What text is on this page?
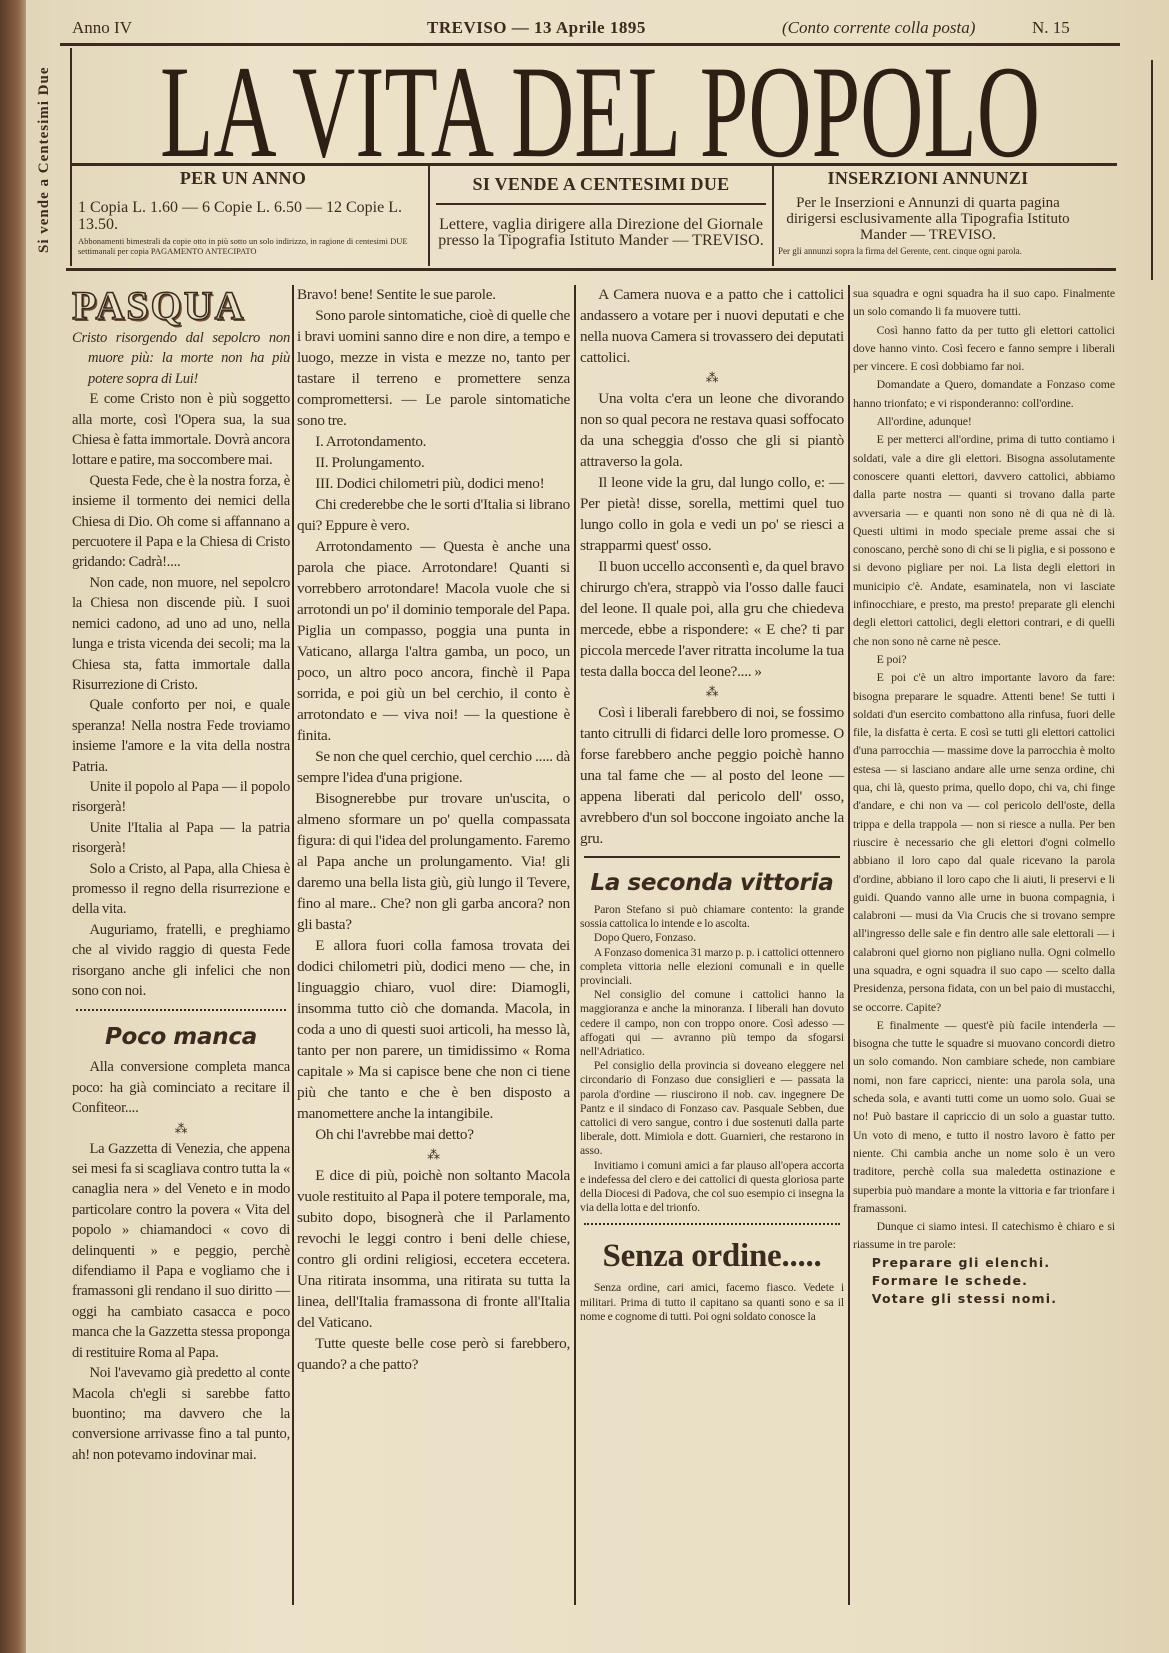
Anno IV	TREVISO — 13 Aprile 1895	(Conto corrente colla posta)	N. 15
Si vende a Centesimi Due LA VITA DEL POPOLO
PER UN ANNO

1 Copia L. 1.60 — 6 Copie L. 6.50 — 12 Copie L. 13.50.

Abbonamenti bimestrali da copie otto in più sotto un solo indirizzo, in ragione di centesimi DUE settimanali per copia PAGAMENTO ANTECIPATO

SI VENDE A CENTESIMI DUE

Lettere, vaglia dirigere alla Direzione del Giornale presso la Tipografia Istituto Mander — TREVISO.

INSERZIONI ANNUNZI

Per le Inserzioni e Annunzi di quarta pagina dirigersi esclusivamente alla Tipografia Istituto Mander — TREVISO.

Per gli annunzi sopra la firma del Gerente, cent. cinque ogni parola.

PASQUA

Cristo risorgendo dal sepolcro non muore più: la morte non ha più potere sopra di Lui!

E come Cristo non è più soggetto alla morte, così l'Opera sua, la sua Chiesa è fatta immortale. Dovrà ancora lottare e patire, ma soccombere mai.

Questa Fede, che è la nostra forza, è insieme il tormento dei nemici della Chiesa di Dio. Oh come si affannano a percuotere il Papa e la Chiesa di Cristo gridando: Cadrà!....

Non cade, non muore, nel sepolcro la Chiesa non discende più. I suoi nemici cadono, ad uno ad uno, nella lunga e trista vicenda dei secoli; ma la Chiesa sta, fatta immortale dalla Risurrezione di Cristo.

Quale conforto per noi, e quale speranza! Nella nostra Fede troviamo insieme l'amore e la vita della nostra Patria.

Unite il popolo al Papa — il popolo risorgerà!

Unite l'Italia al Papa — la patria risorgerà!

Solo a Cristo, al Papa, alla Chiesa è promesso il regno della risurrezione e della vita.

Auguriamo, fratelli, e preghiamo che al vivido raggio di questa Fede risorgano anche gli infelici che non sono con noi.

Poco manca

Alla conversione completa manca poco: ha già cominciato a recitare il Confiteor....

⁂

La Gazzetta di Venezia, che appena sei mesi fa si scagliava contro tutta la « canaglia nera » del Veneto e in modo particolare contro la povera « Vita del popolo » chiamandoci « covo di delinquenti » e peggio, perchè difendiamo il Papa e vogliamo che i framassoni gli rendano il suo diritto — oggi ha cambiato casacca e poco manca che la Gazzetta stessa proponga di restituire Roma al Papa.

Noi l'avevamo già predetto al conte Macola ch'egli si sarebbe fatto buontino; ma davvero che la conversione arrivasse fino a tal punto, ah! non potevamo indovinar mai.

Bravo! bene! Sentite le sue parole.

Sono parole sintomatiche, cioè di quelle che i bravi uomini sanno dire e non dire, a tempo e luogo, mezze in vista e mezze no, tanto per tastare il terreno e promettere senza compromettersi. — Le parole sintomatiche sono tre.

I. Arrotondamento.

II. Prolungamento.

III. Dodici chilometri più, dodici meno!

Chi crederebbe che le sorti d'Italia si librano qui? Eppure è vero.

Arrotondamento — Questa è anche una parola che piace. Arrotondare! Quanti si vorrebbero arrotondare! Macola vuole che si arrotondi un po' il dominio temporale del Papa. Piglia un compasso, poggia una punta in Vaticano, allarga l'altra gamba, un poco, un poco, un altro poco ancora, finchè il Papa sorrida, e poi giù un bel cerchio, il conto è arrotondato e — viva noi! — la questione è finita.

Se non che quel cerchio, quel cerchio ..... dà sempre l'idea d'una prigione.

Bisognerebbe pur trovare un'uscita, o almeno sformare un po' quella compassata figura: di qui l'idea del prolungamento. Faremo al Papa anche un prolungamento. Via! gli daremo una bella lista giù, giù lungo il Tevere, fino al mare.. Che? non gli garba ancora? non gli basta?

E allora fuori colla famosa trovata dei dodici chilometri più, dodici meno — che, in linguaggio chiaro, vuol dire: Diamogli, insomma tutto ciò che domanda. Macola, in coda a uno di questi suoi articoli, ha messo là, tanto per non parere, un timidissimo « Roma capitale » Ma si capisce bene che non ci tiene più che tanto e che è ben disposto a manomettere anche la intangibile.

Oh chi l'avrebbe mai detto?

⁂

E dice di più, poichè non soltanto Macola vuole restituito al Papa il potere temporale, ma, subito dopo, bisognerà che il Parlamento revochi le leggi contro i beni delle chiese, contro gli ordini religiosi, eccetera eccetera. Una ritirata insomma, una ritirata su tutta la linea, dell'Italia framassona di fronte all'Italia del Vaticano.

Tutte queste belle cose però si farebbero, quando? a che patto?

A Camera nuova e a patto che i cattolici andassero a votare per i nuovi deputati e che nella nuova Camera si trovassero dei deputati cattolici.

⁂

Una volta c'era un leone che divorando non so qual pecora ne restava quasi soffocato da una scheggia d'osso che gli si piantò attraverso la gola.

Il leone vide la gru, dal lungo collo, e: — Per pietà! disse, sorella, mettimi quel tuo lungo collo in gola e vedi un po' se riesci a strapparmi quest' osso.

Il buon uccello acconsentì e, da quel bravo chirurgo ch'era, strappò via l'osso dalle fauci del leone. Il quale poi, alla gru che chiedeva mercede, ebbe a rispondere: « E che? ti par piccola mercede l'aver ritratta incolume la tua testa dalla bocca del leone?.... »

⁂

Così i liberali farebbero di noi, se fossimo tanto citrulli di fidarci delle loro promesse. O forse farebbero anche peggio poichè hanno una tal fame che — al posto del leone — appena liberati dal pericolo dell' osso, avrebbero d'un sol boccone ingoiato anche la gru.

La seconda vittoria

Paron Stefano si può chiamare contento: la grande sossia cattolica lo intende e lo ascolta.

Dopo Quero, Fonzaso.

A Fonzaso domenica 31 marzo p. p. i cattolici ottennero completa vittoria nelle elezioni comunali e in quelle provinciali.

Nel consiglio del comune i cattolici hanno la maggioranza e anche la minoranza. I liberali han dovuto cedere il campo, non con troppo onore. Così adesso — affogati qui — avranno più tempo da sfogarsi nell'Adriatico.

Pel consiglio della provincia si doveano eleggere nel circondario di Fonzaso due consiglieri e — passata la parola d'ordine — riuscirono il nob. cav. ingegnere De Pantz e il sindaco di Fonzaso cav. Pasquale Sebben, due cattolici di vero sangue, contro i due sostenuti dalla parte liberale, dott. Mimiola e dott. Guarnieri, che restarono in asso.

Invitiamo i comuni amici a far plauso all'opera accorta e indefessa del clero e dei cattolici di questa gloriosa parte della Diocesi di Padova, che col suo esempio ci insegna la via della lotta e del trionfo.

Senza ordine.....

Senza ordine, cari amici, facemo fiasco. Vedete i militari. Prima di tutto il capitano sa quanti sono e sa il nome e cognome di tutti. Poi ogni soldato conosce la

sua squadra e ogni squadra ha il suo capo. Finalmente un solo comando li fa muovere tutti.

Così hanno fatto da per tutto gli elettori cattolici dove hanno vinto. Così fecero e fanno sempre i liberali per vincere. E così dobbiamo far noi.

Domandate a Quero, domandate a Fonzaso come hanno trionfato; e vi risponderanno: coll'ordine.

All'ordine, adunque!

E per metterci all'ordine, prima di tutto contiamo i soldati, vale a dire gli elettori. Bisogna assolutamente conoscere quanti elettori, davvero cattolici, abbiamo dalla parte nostra — quanti si trovano dalla parte avversaria — e quanti non sono nè di qua nè di là. Questi ultimi in modo speciale preme assai che si conoscano, perchè sono di chi se li piglia, e si possono e si devono pigliare per noi. La lista degli elettori in municipio c'è. Andate, esaminatela, non vi lasciate infinocchiare, e presto, ma presto! preparate gli elenchi degli elettori cattolici, degli elettori contrari, e di quelli che non sono nè carne nè pesce.

E poi?

E poi c'è un altro importante lavoro da fare: bisogna preparare le squadre. Attenti bene! Se tutti i soldati d'un esercito combattono alla rinfusa, fuori delle file, la disfatta è certa. E così se tutti gli elettori cattolici d'una parrocchia — massime dove la parrocchia è molto estesa — si lasciano andare alle urne senza ordine, chi qua, chi là, questo prima, quello dopo, chi va, chi finge d'andare, e chi non va — col pericolo dell'oste, della trippa e della trappola — non si riesce a nulla. Per ben riuscire è necessario che gli elettori d'ogni colmello abbiano il loro capo dal quale ricevano la parola d'ordine, abbiano il loro capo che li aiuti, li preservi e li guidi. Quando vanno alle urne in buona compagnia, i calabroni — musi da Via Crucis che si trovano sempre all'ingresso delle sale e fin dentro alle sale elettorali — i calabroni quel giorno non pigliano nulla. Ogni colmello una squadra, e ogni squadra il suo capo — scelto dalla Presidenza, persona fidata, con un bel paio di mustacchi, se occorre. Capite?

E finalmente — quest'è più facile intenderla — bisogna che tutte le squadre si muovano concordi dietro un solo comando. Non cambiare schede, non cambiare nomi, non fare capricci, niente: una parola sola, una scheda sola, e avanti tutti come un uomo solo. Guai se no! Può bastare il capriccio di un solo a guastar tutto. Un voto di meno, e tutto il nostro lavoro è fatto per niente. Chi cambia anche un nome solo è un vero traditore, perchè colla sua maledetta ostinazione e superbia può mandare a monte la vittoria e far trionfare i framassoni.

Dunque ci siamo intesi. Il catechismo è chiaro e si riassume in tre parole:

Preparare gli elenchi.

Formare le schede.

Votare gli stessi nomi.
